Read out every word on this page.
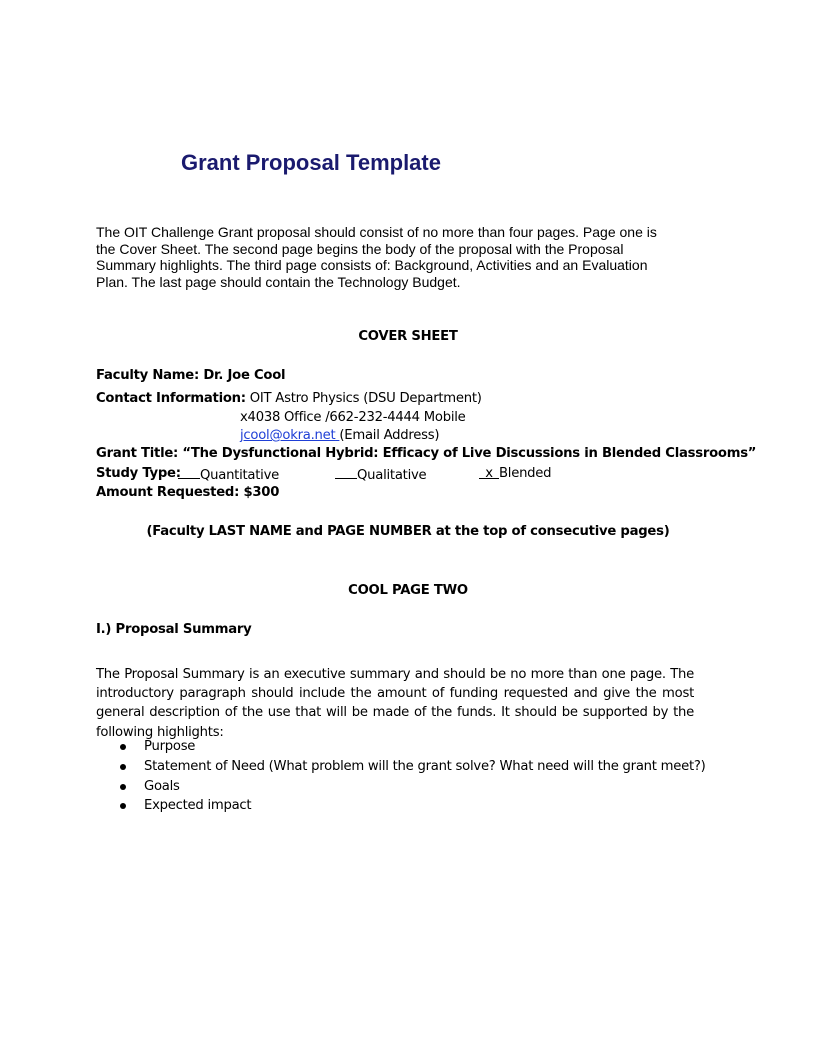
Grant Proposal Template
The OIT Challenge Grant proposal should consist of no more than four pages. Page one is
the Cover Sheet. The second page begins the body of the proposal with the Proposal
Summary highlights. The third page consists of: Background, Activities and an Evaluation
Plan. The last page should contain the Technology Budget.
COVER SHEET
Faculty Name: Dr. Joe Cool
Contact Information: OIT Astro Physics (DSU Department)
x4038 Office /662-232-4444 Mobile
jcool@okra.net (Email Address)
Grant Title: “The Dysfunctional Hybrid: Efficacy of Live Discussions in Blended Classrooms”
Study Type:	Quantitative	Qualitative	x Blended
Amount Requested: $300
(Faculty LAST NAME and PAGE NUMBER at the top of consecutive pages)
COOL PAGE TWO
I.) Proposal Summary
The Proposal Summary is an executive summary and should be no more than one page. The
introductory paragraph should include the amount of funding requested and give the most
general description of the use that will be made of the funds. It should be supported by the
following highlights:
Purpose
Statement of Need (What problem will the grant solve? What need will the grant meet?)
Goals
Expected impact
